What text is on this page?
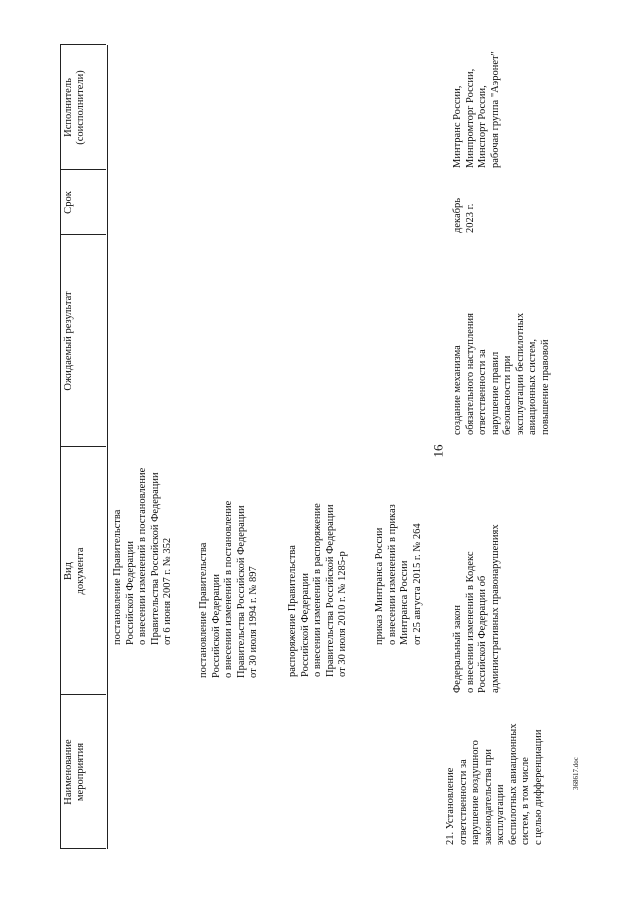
16
368617.doc
Наименование мероприятия
Вид документа
Ожидаемый результат
Срок
Исполнитель (соисполнители)
постановление Правительства Российской Федерации о внесении изменений в постановление Правительства Российской Федерации от 6 июня 2007 г. № 352 постановление Правительства Российской Федерации о внесении изменений в постановление Правительства Российской Федерации от 30 июля 1994 г. № 897	распоряжение Правительства Российской Федерации о внесении изменений в распоряжение Правительства Российской Федерации от 30 июля 2010 г. № 1285-р приказ Минтранса России о внесении изменений в приказ Минтранса России от 25 августа 2015 г. № 264
21. Установление ответственности за нарушение воздушного законодательства при эксплуатации беспилотных авиационных систем, в том числе с целью дифференциации
Федеральный закон о внесении изменений в Кодекс Российской Федерации об административных правонарушениях
создание механизма обязательного наступления ответственности за нарушение правил безопасности при эксплуатации беспилотных авиационных систем, повышение правовой
декабрь 2023 г.
Минтранс России, Минпромторг России, Минспорт России, рабочая группа "Аэронет"
